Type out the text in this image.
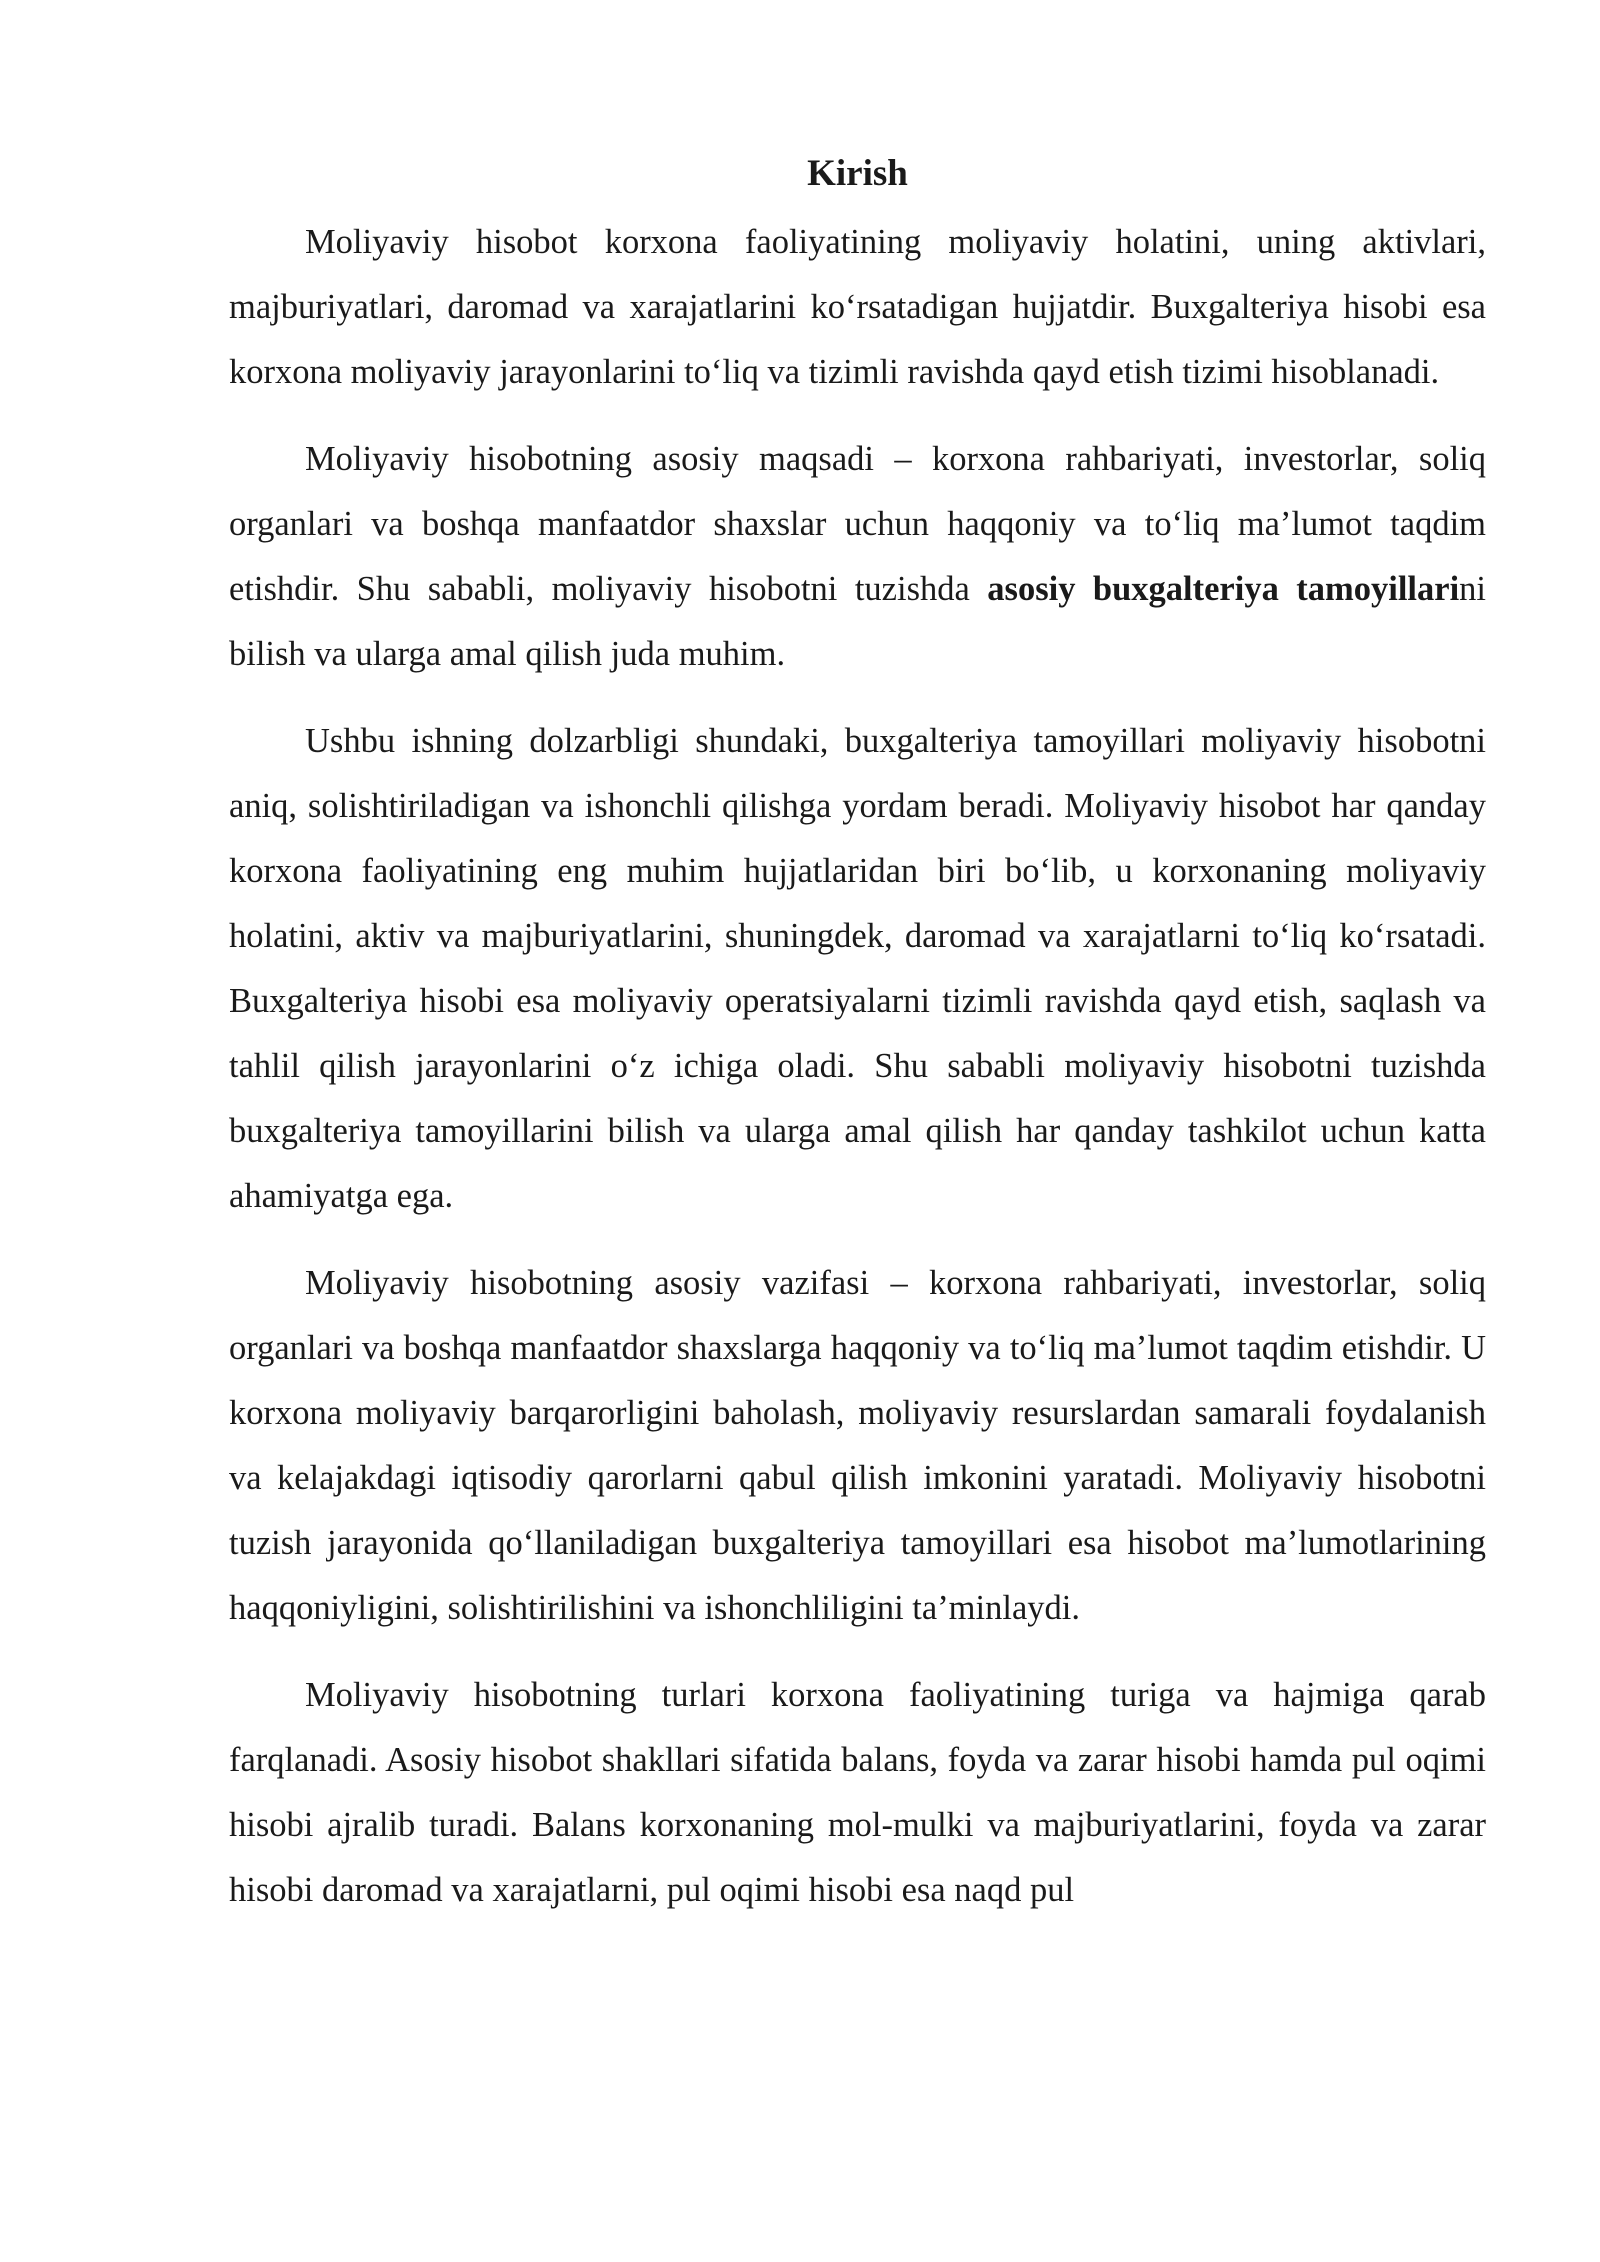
Kirish

Moliyaviy hisobot korxona faoliyatining moliyaviy holatini, uning aktivlari, majburiyatlari, daromad va xarajatlarini ko‘rsatadigan hujjatdir. Buxgalteriya hisobi esa korxona moliyaviy jarayonlarini to‘liq va tizimli ravishda qayd etish tizimi hisoblanadi.

Moliyaviy hisobotning asosiy maqsadi – korxona rahbariyati, investorlar, soliq organlari va boshqa manfaatdor shaxslar uchun haqqoniy va to‘liq ma’lumot taqdim etishdir. Shu sababli, moliyaviy hisobotni tuzishda asosiy buxgalteriya tamoyillarini bilish va ularga amal qilish juda muhim.

Ushbu ishning dolzarbligi shundaki, buxgalteriya tamoyillari moliyaviy hisobotni aniq, solishtiriladigan va ishonchli qilishga yordam beradi. Moliyaviy hisobot har qanday korxona faoliyatining eng muhim hujjatlaridan biri bo‘lib, u korxonaning moliyaviy holatini, aktiv va majburiyatlarini, shuningdek, daromad va xarajatlarni to‘liq ko‘rsatadi. Buxgalteriya hisobi esa moliyaviy operatsiyalarni tizimli ravishda qayd etish, saqlash va tahlil qilish jarayonlarini o‘z ichiga oladi. Shu sababli moliyaviy hisobotni tuzishda buxgalteriya tamoyillarini bilish va ularga amal qilish har qanday tashkilot uchun katta ahamiyatga ega.

Moliyaviy hisobotning asosiy vazifasi – korxona rahbariyati, investorlar, soliq organlari va boshqa manfaatdor shaxslarga haqqoniy va to‘liq ma’lumot taqdim etishdir. U korxona moliyaviy barqarorligini baholash, moliyaviy resurslardan samarali foydalanish va kelajakdagi iqtisodiy qarorlarni qabul qilish imkonini yaratadi. Moliyaviy hisobotni tuzish jarayonida qo‘llaniladigan buxgalteriya tamoyillari esa hisobot ma’lumotlarining haqqoniyligini, solishtirilishini va ishonchliligini ta’minlaydi.

Moliyaviy hisobotning turlari korxona faoliyatining turiga va hajmiga qarab farqlanadi. Asosiy hisobot shakllari sifatida balans, foyda va zarar hisobi hamda pul oqimi hisobi ajralib turadi. Balans korxonaning mol-mulki va majburiyatlarini, foyda va zarar hisobi daromad va xarajatlarni, pul oqimi hisobi esa naqd pul
